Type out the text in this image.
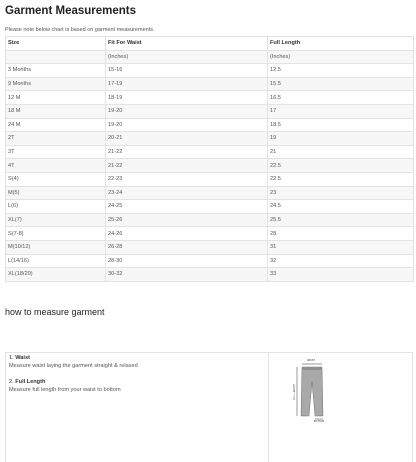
Garment Measurements
Please note below chart is based on garment measurements.
Size	Fit For Waist	Full Length
	(Inches)	(Inches)
3 Months	15-16	12.5
9 Months	17-19	15.5
12 M	18-19	16.5
18 M	19-20	17
24 M	19-20	18.5
2T	20-21	19
3T	21-22	21
4T	21-22	22.5
S(4)	22-23	22.5
M(5)	23-24	23
L(6)	24-25	24.5
XL(7)	25-26	25.5
S(7-8)	24-26	28
M(10/12)	26-28	31
L(14/16)	28-30	32
XL(18/20)	30-32	33
how to measure garment
1. Waist
Measure waist laying the garment straight & relaxed
2. Full Length
Measure full length from your waist to bottom
WAIST
FULL LENGTH
BOTTOM
